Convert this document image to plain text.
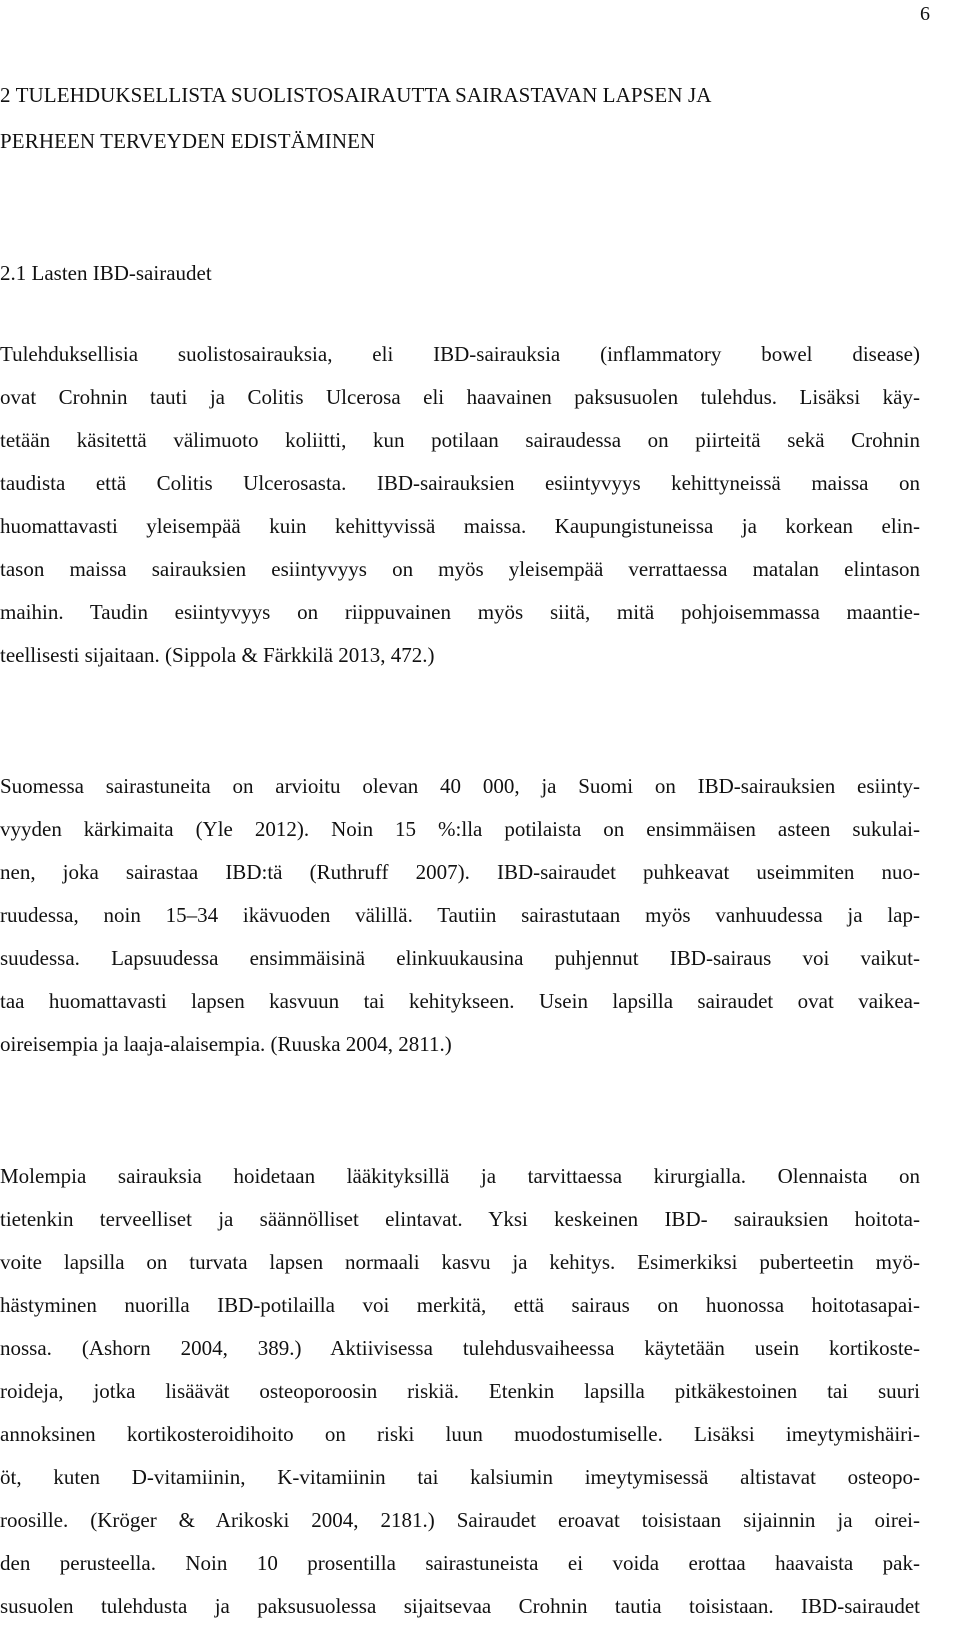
6
2 TULEHDUKSELLISTA SUOLISTOSAIRAUTTA SAIRASTAVAN LAPSEN JA
PERHEEN TERVEYDEN EDISTÄMINEN
2.1 Lasten IBD-sairaudet
Tulehduksellisia suolistosairauksia, eli IBD-sairauksia (inflammatory bowel disease)
ovat Crohnin tauti ja Colitis Ulcerosa eli haavainen paksusuolen tulehdus. Lisäksi käy-
tetään käsitettä välimuoto koliitti, kun potilaan sairaudessa on piirteitä sekä Crohnin
taudista että Colitis Ulcerosasta. IBD-sairauksien esiintyvyys kehittyneissä maissa on
huomattavasti yleisempää kuin kehittyvissä maissa. Kaupungistuneissa ja korkean elin-
tason maissa sairauksien esiintyvyys on myös yleisempää verrattaessa matalan elintason
maihin. Taudin esiintyvyys on riippuvainen myös siitä, mitä pohjoisemmassa maantie-
teellisesti sijaitaan. (Sippola & Färkkilä 2013, 472.)
Suomessa sairastuneita on arvioitu olevan 40 000, ja Suomi on IBD-sairauksien esiinty-
vyyden kärkimaita (Yle 2012). Noin 15 %:lla potilaista on ensimmäisen asteen sukulai-
nen, joka sairastaa IBD:tä (Ruthruff 2007). IBD-sairaudet puhkeavat useimmiten nuo-
ruudessa, noin 15–34 ikävuoden välillä. Tautiin sairastutaan myös vanhuudessa ja lap-
suudessa. Lapsuudessa ensimmäisinä elinkuukausina puhjennut IBD-sairaus voi vaikut-
taa huomattavasti lapsen kasvuun tai kehitykseen. Usein lapsilla sairaudet ovat vaikea-
oireisempia ja laaja-alaisempia. (Ruuska 2004, 2811.)
Molempia sairauksia hoidetaan lääkityksillä ja tarvittaessa kirurgialla. Olennaista on
tietenkin terveelliset ja säännölliset elintavat. Yksi keskeinen IBD- sairauksien hoitota-
voite lapsilla on turvata lapsen normaali kasvu ja kehitys. Esimerkiksi puberteetin myö-
hästyminen nuorilla IBD-potilailla voi merkitä, että sairaus on huonossa hoitotasapai-
nossa. (Ashorn 2004, 389.) Aktiivisessa tulehdusvaiheessa käytetään usein kortikoste-
roideja, jotka lisäävät osteoporoosin riskiä. Etenkin lapsilla pitkäkestoinen tai suuri
annoksinen kortikosteroidihoito on riski luun muodostumiselle. Lisäksi imeytymishäiri-
öt, kuten D-vitamiinin, K-vitamiinin tai kalsiumin imeytymisessä altistavat osteopo-
roosille. (Kröger & Arikoski 2004, 2181.) Sairaudet eroavat toisistaan sijainnin ja oirei-
den perusteella. Noin 10 prosentilla sairastuneista ei voida erottaa haavaista pak-
susuolen tulehdusta ja paksusuolessa sijaitsevaa Crohnin tautia toisistaan. IBD-sairaudet
